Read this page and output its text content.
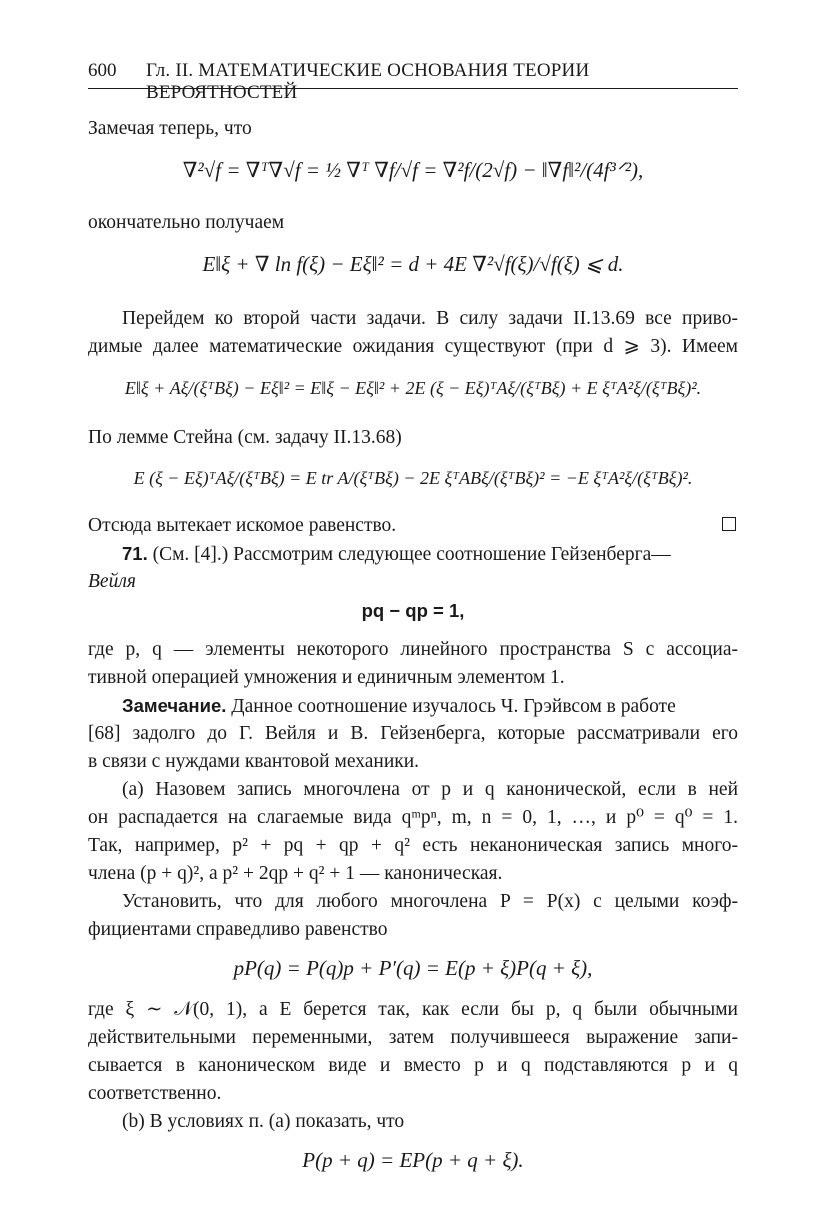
600 Гл. II. МАТЕМАТИЧЕСКИЕ ОСНОВАНИЯ ТЕОРИИ ВЕРОЯТНОСТЕЙ
Замечая теперь, что
∇²√f = ∇ᵀ∇√f = ½ ∇ᵀ ∇f/√f = ∇²f/(2√f) − ‖∇f‖²/(4f³ᐟ²),
окончательно получаем
E‖ξ + ∇ ln f(ξ) − Eξ‖² = d + 4E ∇²√f(ξ)/√f(ξ) ⩽ d.
Перейдем ко второй части задачи. В силу задачи II.13.69 все приво-
димые далее математические ожидания существуют (при d ⩾ 3). Имеем
E‖ξ + Aξ/(ξᵀBξ) − Eξ‖² = E‖ξ − Eξ‖² + 2E (ξ − Eξ)ᵀAξ/(ξᵀBξ) + E ξᵀA²ξ/(ξᵀBξ)².
По лемме Стейна (см. задачу II.13.68)
E (ξ − Eξ)ᵀAξ/(ξᵀBξ) = E tr A/(ξᵀBξ) − 2E ξᵀABξ/(ξᵀBξ)² = −E ξᵀA²ξ/(ξᵀBξ)².
Отсюда вытекает искомое равенство.
71. (См. [4].) Рассмотрим следующее соотношение Гейзенберга—
Вейля
pq − qp = 1,
где p, q — элементы некоторого линейного пространства S с ассоциа-
тивной операцией умножения и единичным элементом 1.
Замечание. Данное соотношение изучалось Ч. Грэйвсом в работе
[68] задолго до Г. Вейля и В. Гейзенберга, которые рассматривали его
в связи с нуждами квантовой механики.
(a) Назовем запись многочлена от p и q канонической, если в ней
он распадается на слагаемые вида qᵐpⁿ, m, n = 0, 1, …, и p⁰ = q⁰ = 1.
Так, например, p² + pq + qp + q² есть неканоническая запись много-
члена (p + q)², а p² + 2qp + q² + 1 — каноническая.
Установить, что для любого многочлена P = P(x) с целыми коэф-
фициентами справедливо равенство
pP(q) = P(q)p + P′(q) = E(p + ξ)P(q + ξ),
где ξ ∼ 𝒩(0, 1), а E берется так, как если бы p, q были обычными
действительными переменными, затем получившееся выражение запи-
сывается в каноническом виде и вместо p и q подставляются p и q
соответственно.
(b) В условиях п. (a) показать, что
P(p + q) = EP(p + q + ξ).
